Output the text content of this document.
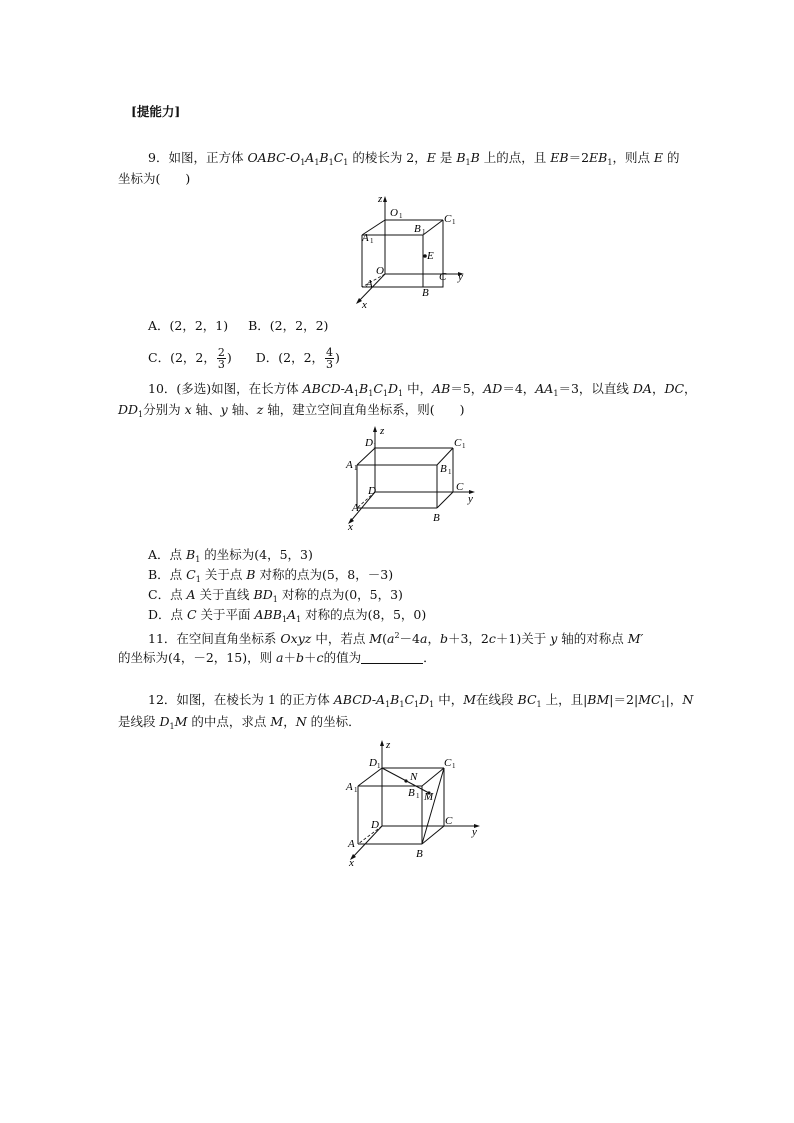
[提能力]
9．如图，正方体 OABC-$O_1A_1B_1C_1$ 的棱长为 2，E 是 $B_1B$ 上的点，且 $EB=2EB_1$，则点 E 的
坐标为(　　)
z
y
x
O 1	C 1
A 1
B 1
E
O	C
A
B
A．(2，2，1) B．(2，2，2)
C．(2，2， $\frac{2}{3}$ ) D．(2，2， $\frac{4}{3}$ )
10．(多选)如图，在长方体 ABCD-$A_1B_1C_1D_1$ 中，AB＝5，AD＝4，$AA_1=3$，以直线 DA，DC，
$DD_1$分别为 x 轴、y 轴、z 轴，建立空间直角坐标系，则(　　)
z
y
x
D 1	C 1
A 1	B 1
D	C
A
B
A．点 $B_1$ 的坐标为(4，5，3)
B．点 $C_1$ 关于点 B 对称的点为(5，8，－3)
C．点 A 关于直线 $BD_1$ 对称的点为(0，5，3)
D．点 C 关于平面 $ABB_1A_1$ 对称的点为(8，5，0)
11．在空间直角坐标系 Oxyz 中，若点 $M(a^2-4a$，b＋3，2c＋1)关于 y 轴的对称点 M′
的坐标为(4，－2，15)，则 a＋b＋c的值为	．
12．如图，在棱长为 1 的正方体 ABCD-$A_1B_1C_1D_1$ 中，M在线段 $BC_1$ 上，且$|BM|=2|MC_1|$，N
是线段 $D_1M$ 的中点，求点 M，N 的坐标．
z
y
x
D 1	C 1
A 1	B 1
N
M
D	C
A
B
